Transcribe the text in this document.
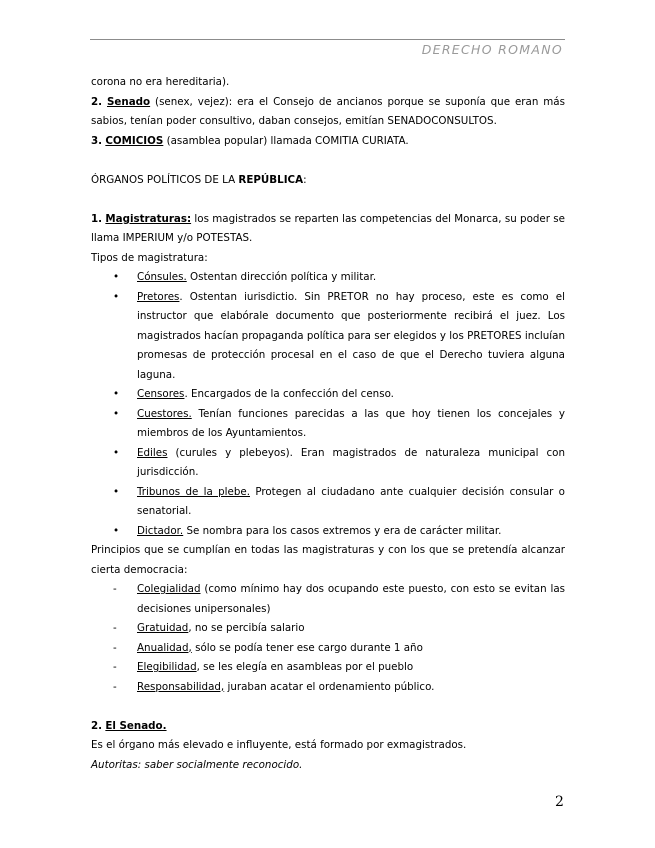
DERECHO ROMANO

corona no era hereditaria).

2. Senado (senex, vejez): era el Consejo de ancianos porque se suponía que eran más sabios, tenían poder consultivo, daban consejos, emitían SENADOCONSULTOS.

3. COMICIOS (asamblea popular) llamada COMITIA CURIATA.

ÓRGANOS POLÍTICOS DE LA REPÚBLICA:

1. Magistraturas: los magistrados se reparten las competencias del Monarca, su poder se llama IMPERIUM y/o POTESTAS.

Tipos de magistratura:

• Cónsules. Ostentan dirección política y militar.
• Pretores. Ostentan iurisdictio. Sin PRETOR no hay proceso, este es como el instructor que elabórale documento que posteriormente recibirá el juez. Los magistrados hacían propaganda política para ser elegidos y los PRETORES incluían promesas de protección procesal en el caso de que el Derecho tuviera alguna laguna.
• Censores. Encargados de la confección del censo.
• Cuestores. Tenían funciones parecidas a las que hoy tienen los concejales y miembros de los Ayuntamientos.
• Ediles (curules y plebeyos). Eran magistrados de naturaleza municipal con jurisdicción.
• Tribunos de la plebe. Protegen al ciudadano ante cualquier decisión consular o senatorial.
• Dictador. Se nombra para los casos extremos y era de carácter militar.

Principios que se cumplían en todas las magistraturas y con los que se pretendía alcanzar cierta democracia:

- Colegialidad (como mínimo hay dos ocupando este puesto, con esto se evitan las decisiones unipersonales)
- Gratuidad, no se percibía salario
- Anualidad, sólo se podía tener ese cargo durante 1 año
- Elegibilidad, se les elegía en asambleas por el pueblo
- Responsabilidad, juraban acatar el ordenamiento público.

2. El Senado.

Es el órgano más elevado e influyente, está formado por exmagistrados.

Autoritas: saber socialmente reconocido.

2
